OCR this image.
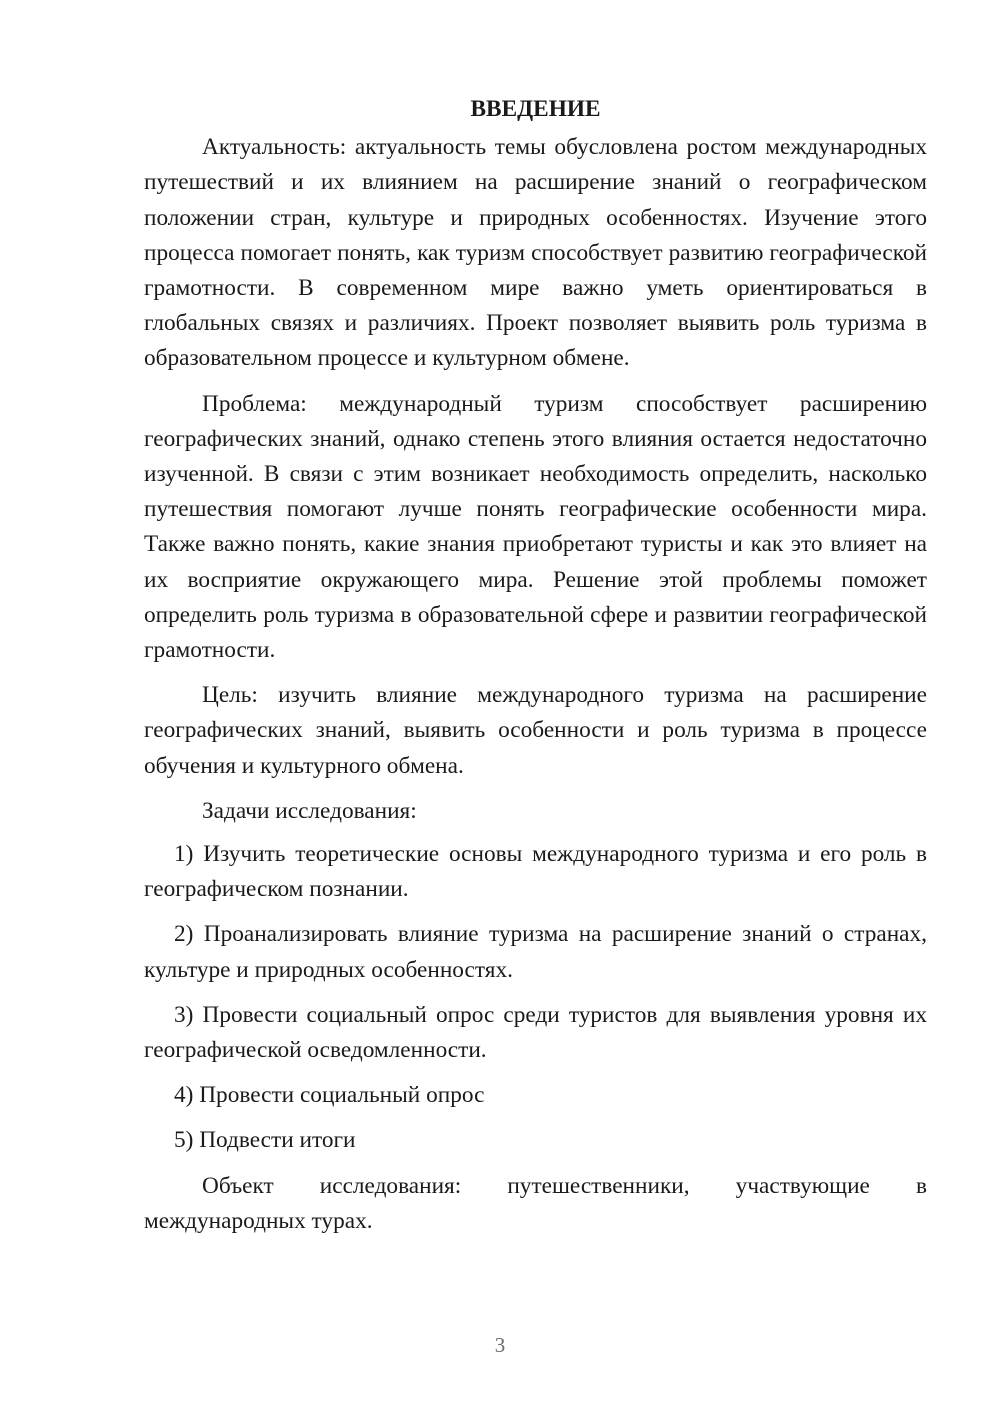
ВВЕДЕНИЕ

Актуальность: актуальность темы обусловлена ростом международных путешествий и их влиянием на расширение знаний о географическом положении стран, культуре и природных особенностях. Изучение этого процесса помогает понять, как туризм способствует развитию географической грамотности. В современном мире важно уметь ориентироваться в глобальных связях и различиях. Проект позволяет выявить роль туризма в образовательном процессе и культурном обмене.

Проблема: международный туризм способствует расширению географических знаний, однако степень этого влияния остается недостаточно изученной. В связи с этим возникает необходимость определить, насколько путешествия помогают лучше понять географические особенности мира. Также важно понять, какие знания приобретают туристы и как это влияет на их восприятие окружающего мира. Решение этой проблемы поможет определить роль туризма в образовательной сфере и развитии географической грамотности.

Цель: изучить влияние международного туризма на расширение географических знаний, выявить особенности и роль туризма в процессе обучения и культурного обмена.

Задачи исследования:

1) Изучить теоретические основы международного туризма и его роль в географическом познании.

2) Проанализировать влияние туризма на расширение знаний о странах, культуре и природных особенностях.

3) Провести социальный опрос среди туристов для выявления уровня их географической осведомленности.

4) Провести социальный опрос

5) Подвести итоги

Объект исследования: путешественники, участвующие в международных турах.

3
